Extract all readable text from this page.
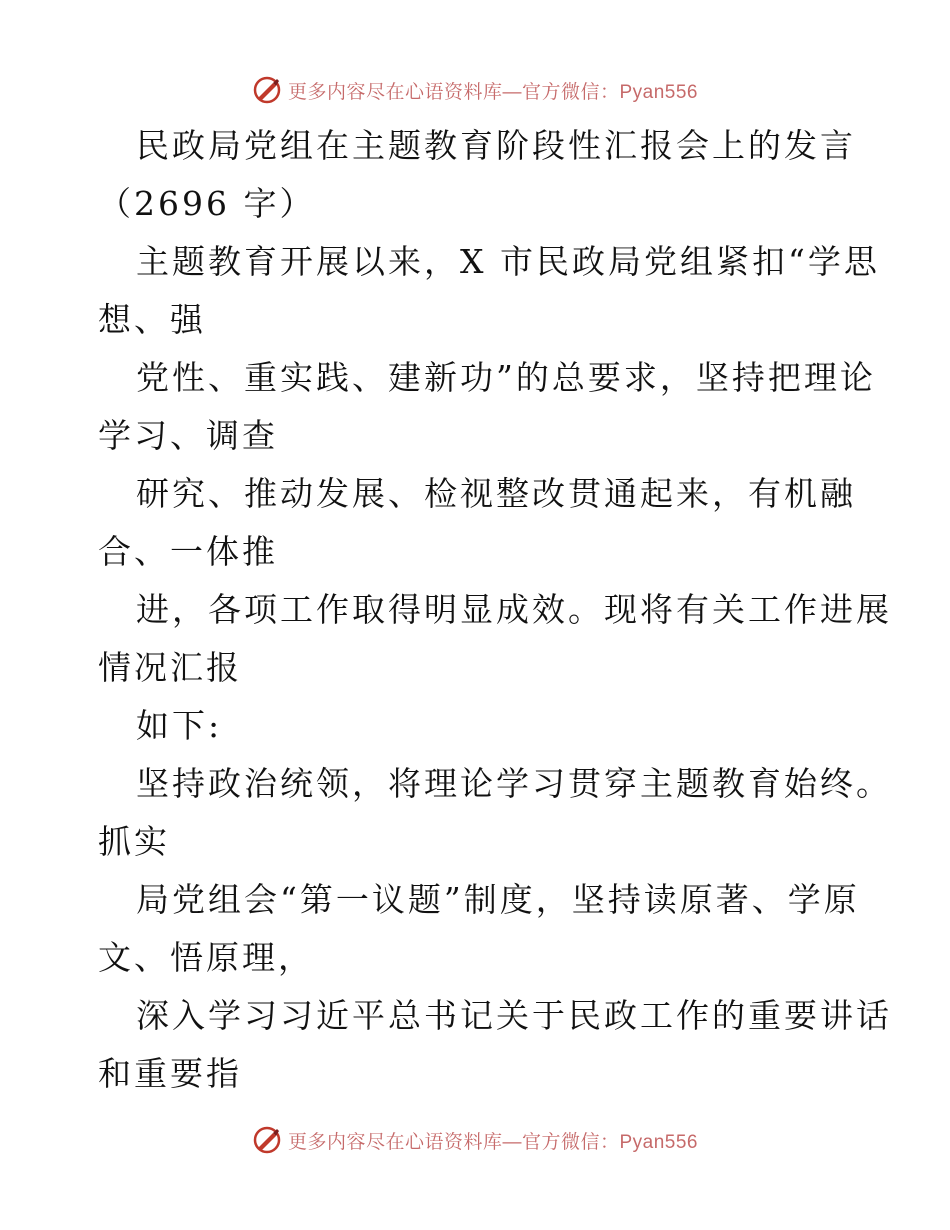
更多内容尽在心语资料库—官方微信：Pyan556
民政局党组在主题教育阶段性汇报会上的发言
（2696 字）
主题教育开展以来，X 市民政局党组紧扣“学思
想、强
党性、重实践、建新功”的总要求，坚持把理论
学习、调查
研究、推动发展、检视整改贯通起来，有机融
合、一体推
进，各项工作取得明显成效。现将有关工作进展
情况汇报
如下:
坚持政治统领，将理论学习贯穿主题教育始终。
抓实
局党组会“第一议题”制度，坚持读原著、学原
文、悟原理，
深入学习习近平总书记关于民政工作的重要讲话
和重要指
更多内容尽在心语资料库—官方微信：Pyan556
